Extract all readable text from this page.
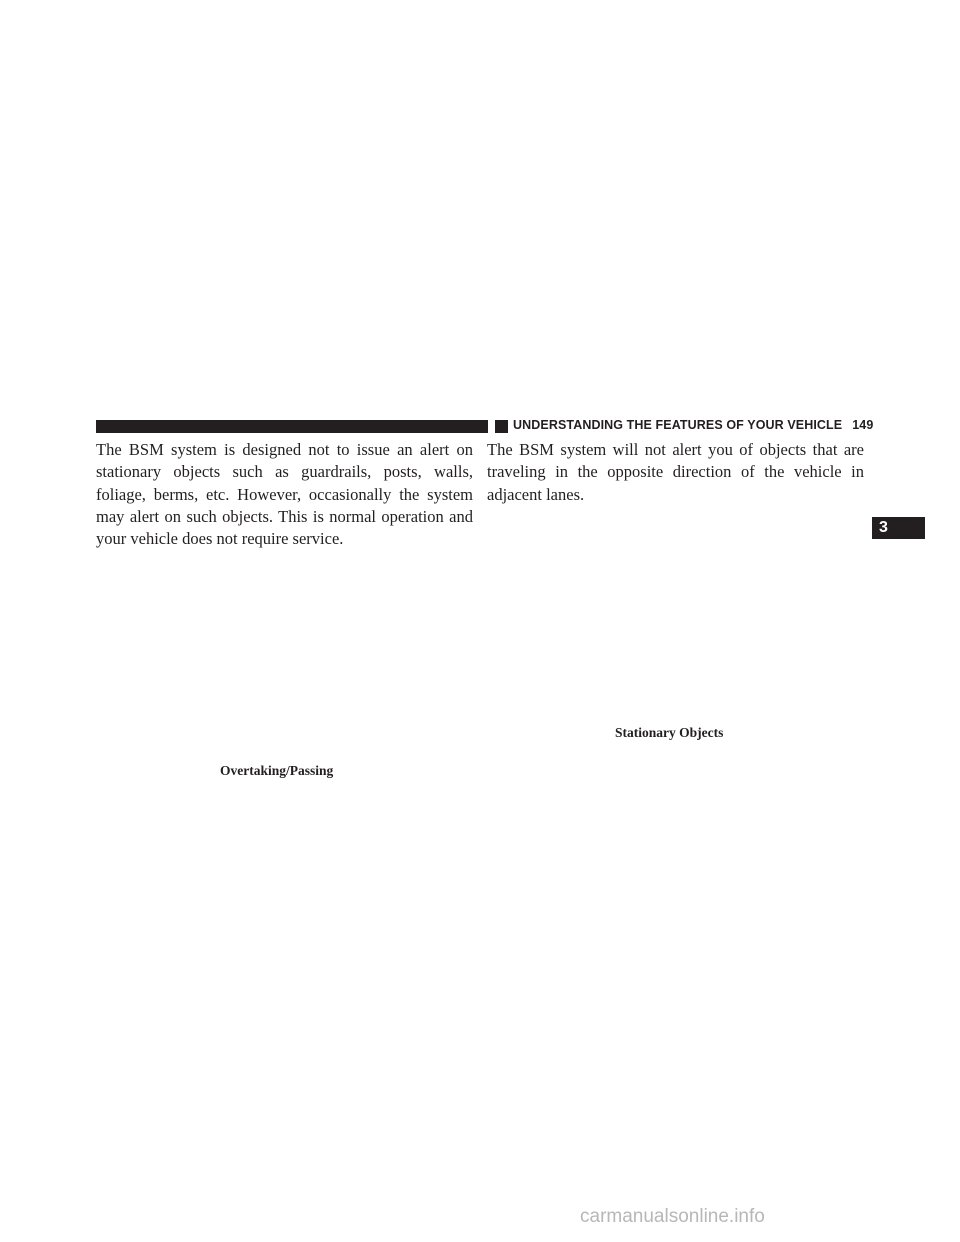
UNDERSTANDING THE FEATURES OF YOUR VEHICLE 149

The BSM system is designed not to issue an alert on stationary objects such as guardrails, posts, walls, foliage, berms, etc. However, occasionally the system may alert on such objects. This is normal operation and your vehicle does not require service.

The BSM system will not alert you of objects that are traveling in the opposite direction of the vehicle in adjacent lanes.

Stationary Objects
Overtaking/Passing
3
carmanualsonline.info
